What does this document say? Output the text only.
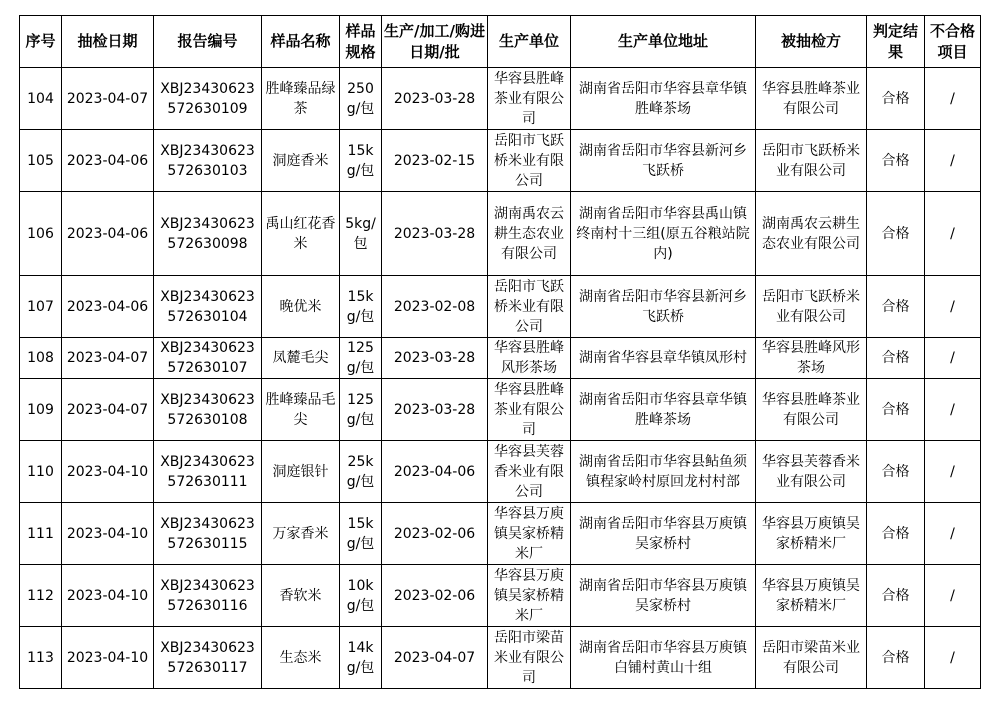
序号	抽检日期	报告编号	样品名称	样品规格	生产/加工/购进日期/批	生产单位	生产单位地址	被抽检方	判定结果	不合格项目
104	2023-04-07	XBJ23430623572630109	胜峰臻品绿茶	250g/包	2023-03-28	华容县胜峰茶业有限公司	湖南省岳阳市华容县章华镇胜峰茶场	华容县胜峰茶业有限公司	合格	/
105	2023-04-06	XBJ23430623572630103	洞庭香米	15kg/包	2023-02-15	岳阳市飞跃桥米业有限公司	湖南省岳阳市华容县新河乡飞跃桥	岳阳市飞跃桥米业有限公司	合格	/
106	2023-04-06	XBJ23430623572630098	禹山红花香米	5kg/包	2023-03-28	湖南禹农云耕生态农业有限公司	湖南省岳阳市华容县禹山镇终南村十三组(原五谷粮站院内)	湖南禹农云耕生态农业有限公司	合格	/
107	2023-04-06	XBJ23430623572630104	晚优米	15kg/包	2023-02-08	岳阳市飞跃桥米业有限公司	湖南省岳阳市华容县新河乡飞跃桥	岳阳市飞跃桥米业有限公司	合格	/
108	2023-04-07	XBJ23430623572630107	凤麓毛尖	125g/包	2023-03-28	华容县胜峰风形茶场	湖南省华容县章华镇凤形村	华容县胜峰风形茶场	合格	/
109	2023-04-07	XBJ23430623572630108	胜峰臻品毛尖	125g/包	2023-03-28	华容县胜峰茶业有限公司	湖南省岳阳市华容县章华镇胜峰茶场	华容县胜峰茶业有限公司	合格	/
110	2023-04-10	XBJ23430623572630111	洞庭银针	25kg/包	2023-04-06	华容县芙蓉香米业有限公司	湖南省岳阳市华容县鲇鱼须镇程家岭村原回龙村村部	华容县芙蓉香米业有限公司	合格	/
111	2023-04-10	XBJ23430623572630115	万家香米	15kg/包	2023-02-06	华容县万庾镇吴家桥精米厂	湖南省岳阳市华容县万庾镇吴家桥村	华容县万庾镇吴家桥精米厂	合格	/
112	2023-04-10	XBJ23430623572630116	香软米	10kg/包	2023-02-06	华容县万庾镇吴家桥精米厂	湖南省岳阳市华容县万庾镇吴家桥村	华容县万庾镇吴家桥精米厂	合格	/
113	2023-04-10	XBJ23430623572630117	生态米	14kg/包	2023-04-07	岳阳市梁苗米业有限公司	湖南省岳阳市华容县万庾镇白铺村黄山十组	岳阳市梁苗米业有限公司	合格	/
